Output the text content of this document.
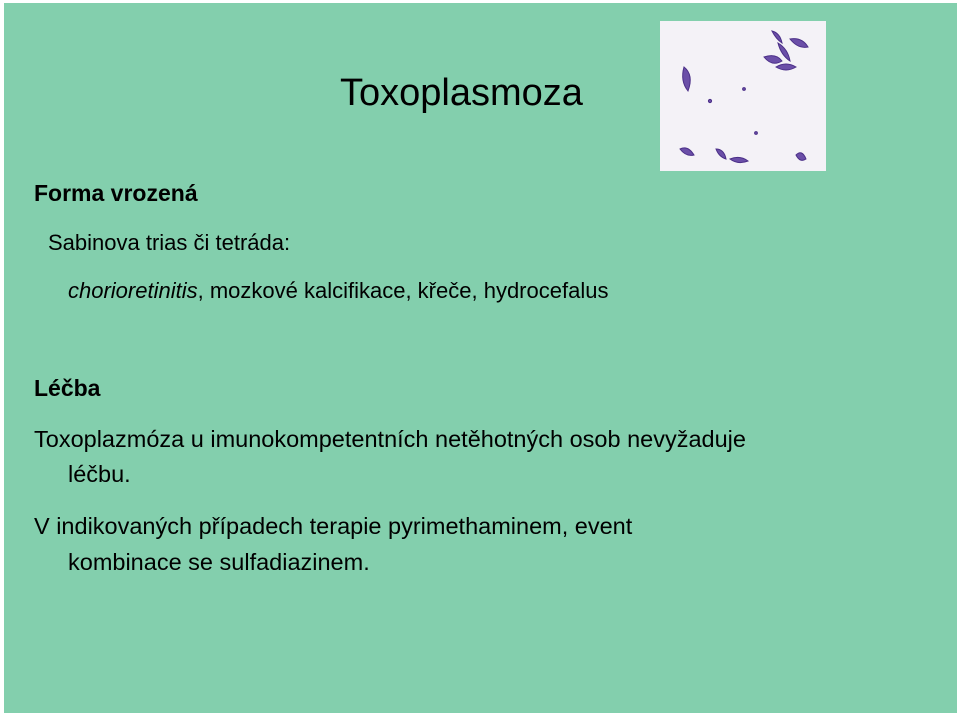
Toxoplasmoza
Forma vrozená
Sabinova trias či tetráda:
chorioretinitis, mozkové kalcifikace, křeče, hydrocefalus
Léčba
Toxoplazmóza u imunokompetentních netěhotných osob nevyžaduje
léčbu.
V indikovaných případech terapie pyrimethaminem, event
kombinace se sulfadiazinem.
